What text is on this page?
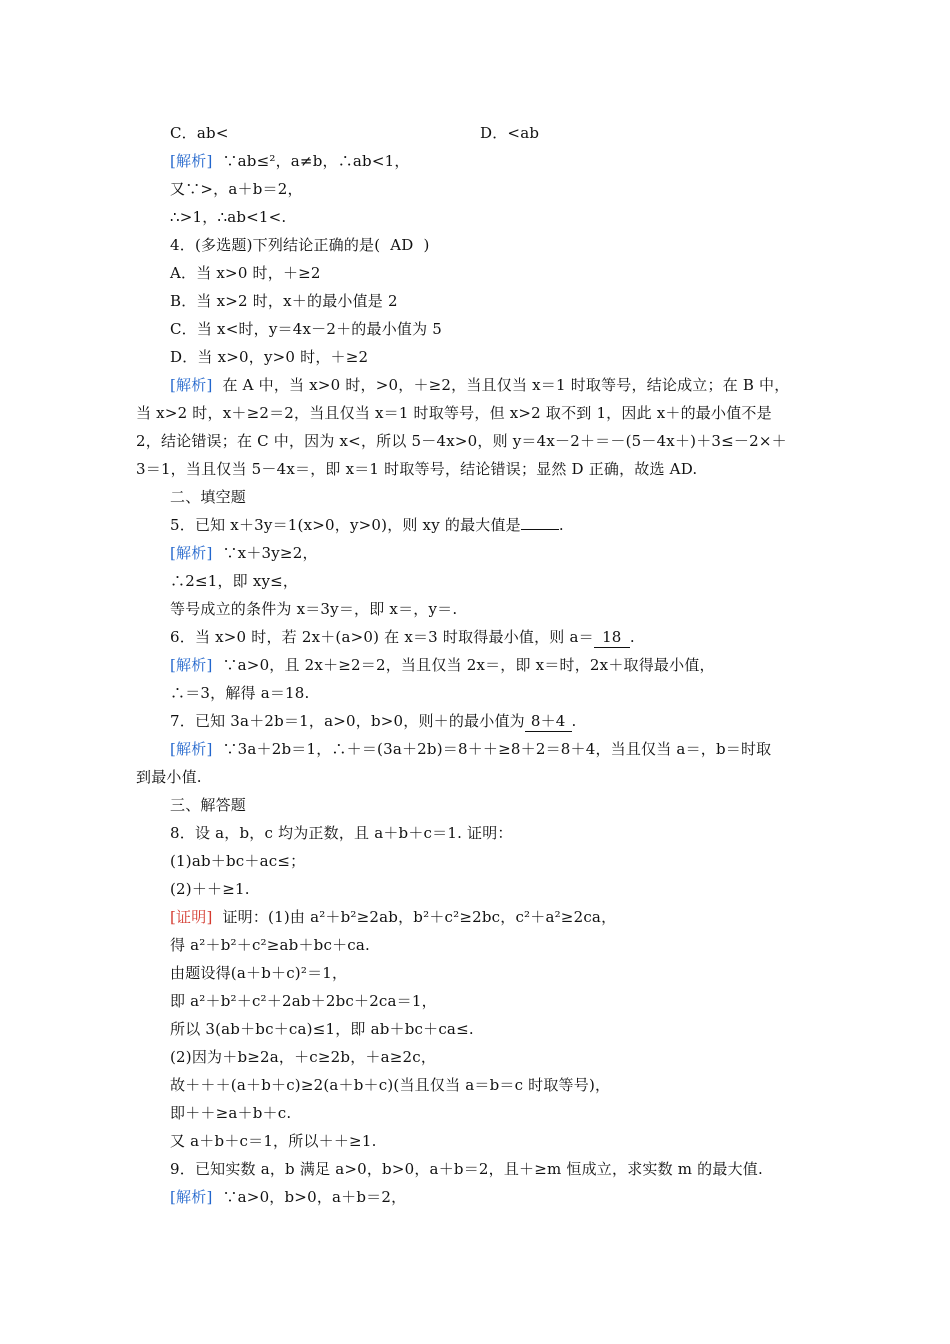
C．ab<	D．<ab
[解析] ∵ab≤²，a≠b，∴ab<1，
又∵>，a＋b＝2，
∴>1，∴ab<1<.
4．(多选题)下列结论正确的是( AD )
A．当 x>0 时，＋≥2
B．当 x>2 时，x＋的最小值是 2
C．当 x<时，y＝4x－2＋的最小值为 5
D．当 x>0，y>0 时，＋≥2
[解析] 在 A 中，当 x>0 时，>0，＋≥2，当且仅当 x＝1 时取等号，结论成立；在 B 中，
当 x>2 时，x＋≥2＝2，当且仅当 x＝1 时取等号，但 x>2 取不到 1，因此 x＋的最小值不是
2，结论错误；在 C 中，因为 x<，所以 5－4x>0，则 y＝4x－2＋＝－(5－4x＋)＋3≤－2×＋
3＝1，当且仅当 5－4x＝，即 x＝1 时取等号，结论错误；显然 D 正确，故选 AD.
二、填空题
5．已知 x＋3y＝1(x>0，y>0)，则 xy 的最大值是	.
[解析] ∵x＋3y≥2，
∴2≤1，即 xy≤，
等号成立的条件为 x＝3y＝，即 x＝，y＝.
6．当 x>0 时，若 2x＋(a>0) 在 x＝3 时取得最小值，则 a＝ 18 .
[解析] ∵a>0，且 2x＋≥2＝2，当且仅当 2x＝，即 x＝时，2x＋取得最小值，
∴＝3，解得 a＝18.
7．已知 3a＋2b＝1，a>0，b>0，则＋的最小值为 8＋4 .
[解析] ∵3a＋2b＝1，∴＋＝(3a＋2b)＝8＋＋≥8＋2＝8＋4，当且仅当 a＝，b＝时取
到最小值.
三、解答题
8．设 a，b，c 均为正数，且 a＋b＋c＝1. 证明：
(1)ab＋bc＋ac≤；
(2)＋＋≥1.
[证明] 证明：(1)由 a²＋b²≥2ab，b²＋c²≥2bc，c²＋a²≥2ca，
得 a²＋b²＋c²≥ab＋bc＋ca.
由题设得(a＋b＋c)²＝1，
即 a²＋b²＋c²＋2ab＋2bc＋2ca＝1，
所以 3(ab＋bc＋ca)≤1，即 ab＋bc＋ca≤.
(2)因为＋b≥2a，＋c≥2b，＋a≥2c，
故＋＋＋(a＋b＋c)≥2(a＋b＋c)(当且仅当 a＝b＝c 时取等号)，
即＋＋≥a＋b＋c.
又 a＋b＋c＝1，所以＋＋≥1.
9．已知实数 a，b 满足 a>0，b>0，a＋b＝2，且＋≥m 恒成立，求实数 m 的最大值.
[解析] ∵a>0，b>0，a＋b＝2，
